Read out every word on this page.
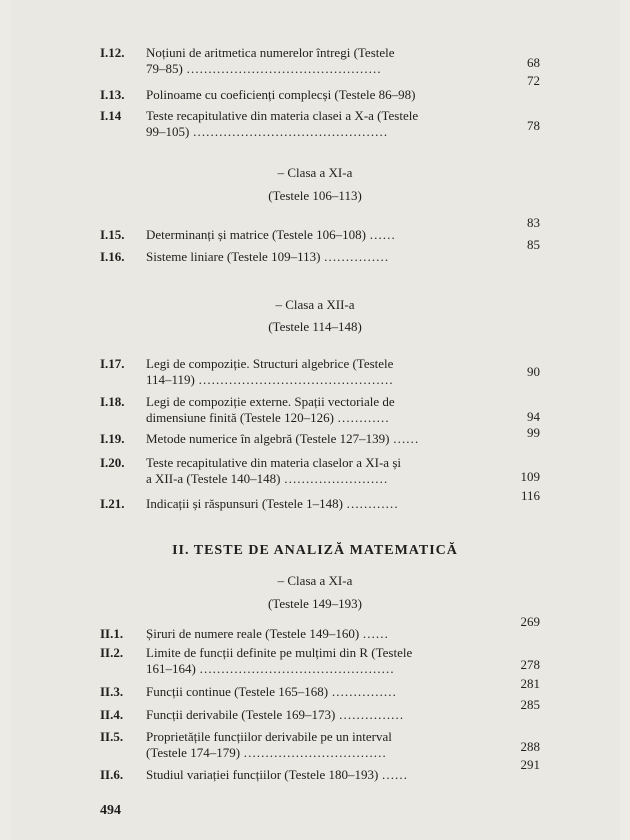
I.12.	Noțiuni de aritmetica numerelor întregi (Testele
79–85) ………………………………………	68
I.13.	Polinoame cu coeficienți complecși (Testele 86–98)
72
I.14	Teste recapitulative din materia clasei a X-a (Testele
99–105) ………………………………………	78
– Clasa a XI-a
(Testele 106–113)
I.15.	Determinanți și matrice (Testele 106–108) ……
83
I.16.	Sisteme liniare (Testele 109–113) ……………
85
– Clasa a XII-a
(Testele 114–148)
I.17.	Legi de compoziție. Structuri algebrice (Testele
114–119) ………………………………………
90
I.18.	Legi de compoziție externe. Spații vectoriale de
dimensiune finită (Testele 120–126) …………	94
I.19.	Metode numerice în algebră (Testele 127–139) ……	99
I.20.	Teste recapitulative din materia claselor a XI-a și
a XII-a (Testele 140–148) ……………………	109
I.21.	Indicații și răspunsuri (Testele 1–148) …………
116
II. TESTE DE ANALIZĂ MATEMATICĂ
– Clasa a XI-a
(Testele 149–193)
II.1.	Șiruri de numere reale (Testele 149–160) ……
269
II.2.	Limite de funcții definite pe mulțimi din R (Testele
161–164) ………………………………………	278
II.3.	Funcții continue (Testele 165–168) ……………
281
II.4.	Funcții derivabile (Testele 169–173) ……………
285
II.5.	Proprietățile funcțiilor derivabile pe un interval
(Testele 174–179) ……………………………	288
II.6.	Studiul variației funcțiilor (Testele 180–193) ……
291
494
